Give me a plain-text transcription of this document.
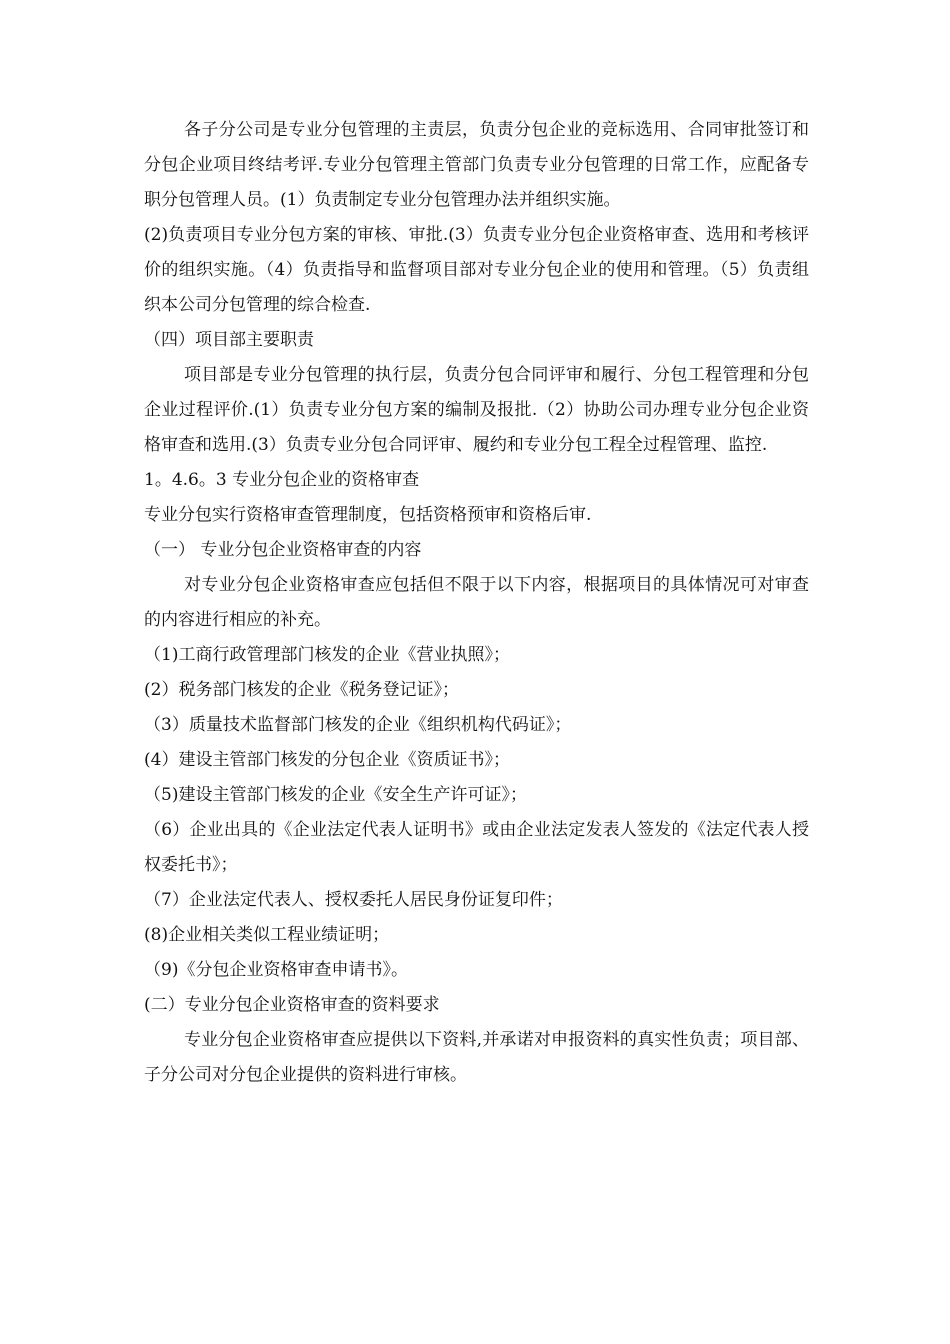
各子分公司是专业分包管理的主责层，负责分包企业的竞标选用、合同审批签订和分包企业项目终结考评.专业分包管理主管部门负责专业分包管理的日常工作，应配备专职分包管理人员。(1）负责制定专业分包管理办法并组织实施。

(2)负责项目专业分包方案的审核、审批.(3）负责专业分包企业资格审查、选用和考核评价的组织实施。（4）负责指导和监督项目部对专业分包企业的使用和管理。（5）负责组织本公司分包管理的综合检查.

（四）项目部主要职责

项目部是专业分包管理的执行层，负责分包合同评审和履行、分包工程管理和分包企业过程评价.(1）负责专业分包方案的编制及报批.（2）协助公司办理专业分包企业资格审查和选用.(3）负责专业分包合同评审、履约和专业分包工程全过程管理、监控.

1。4.6。3 专业分包企业的资格审查

专业分包实行资格审查管理制度，包括资格预审和资格后审.

（一） 专业分包企业资格审查的内容

对专业分包企业资格审查应包括但不限于以下内容，根据项目的具体情况可对审查的内容进行相应的补充。

（1)工商行政管理部门核发的企业《营业执照》；

(2）税务部门核发的企业《税务登记证》；

（3）质量技术监督部门核发的企业《组织机构代码证》；

(4）建设主管部门核发的分包企业《资质证书》；

（5)建设主管部门核发的企业《安全生产许可证》；

（6）企业出具的《企业法定代表人证明书》或由企业法定发表人签发的《法定代表人授权委托书》；

（7）企业法定代表人、授权委托人居民身份证复印件；

(8)企业相关类似工程业绩证明；

（9)《分包企业资格审查申请书》。

(二）专业分包企业资格审查的资料要求

专业分包企业资格审查应提供以下资料,并承诺对申报资料的真实性负责；项目部、子分公司对分包企业提供的资料进行审核。
